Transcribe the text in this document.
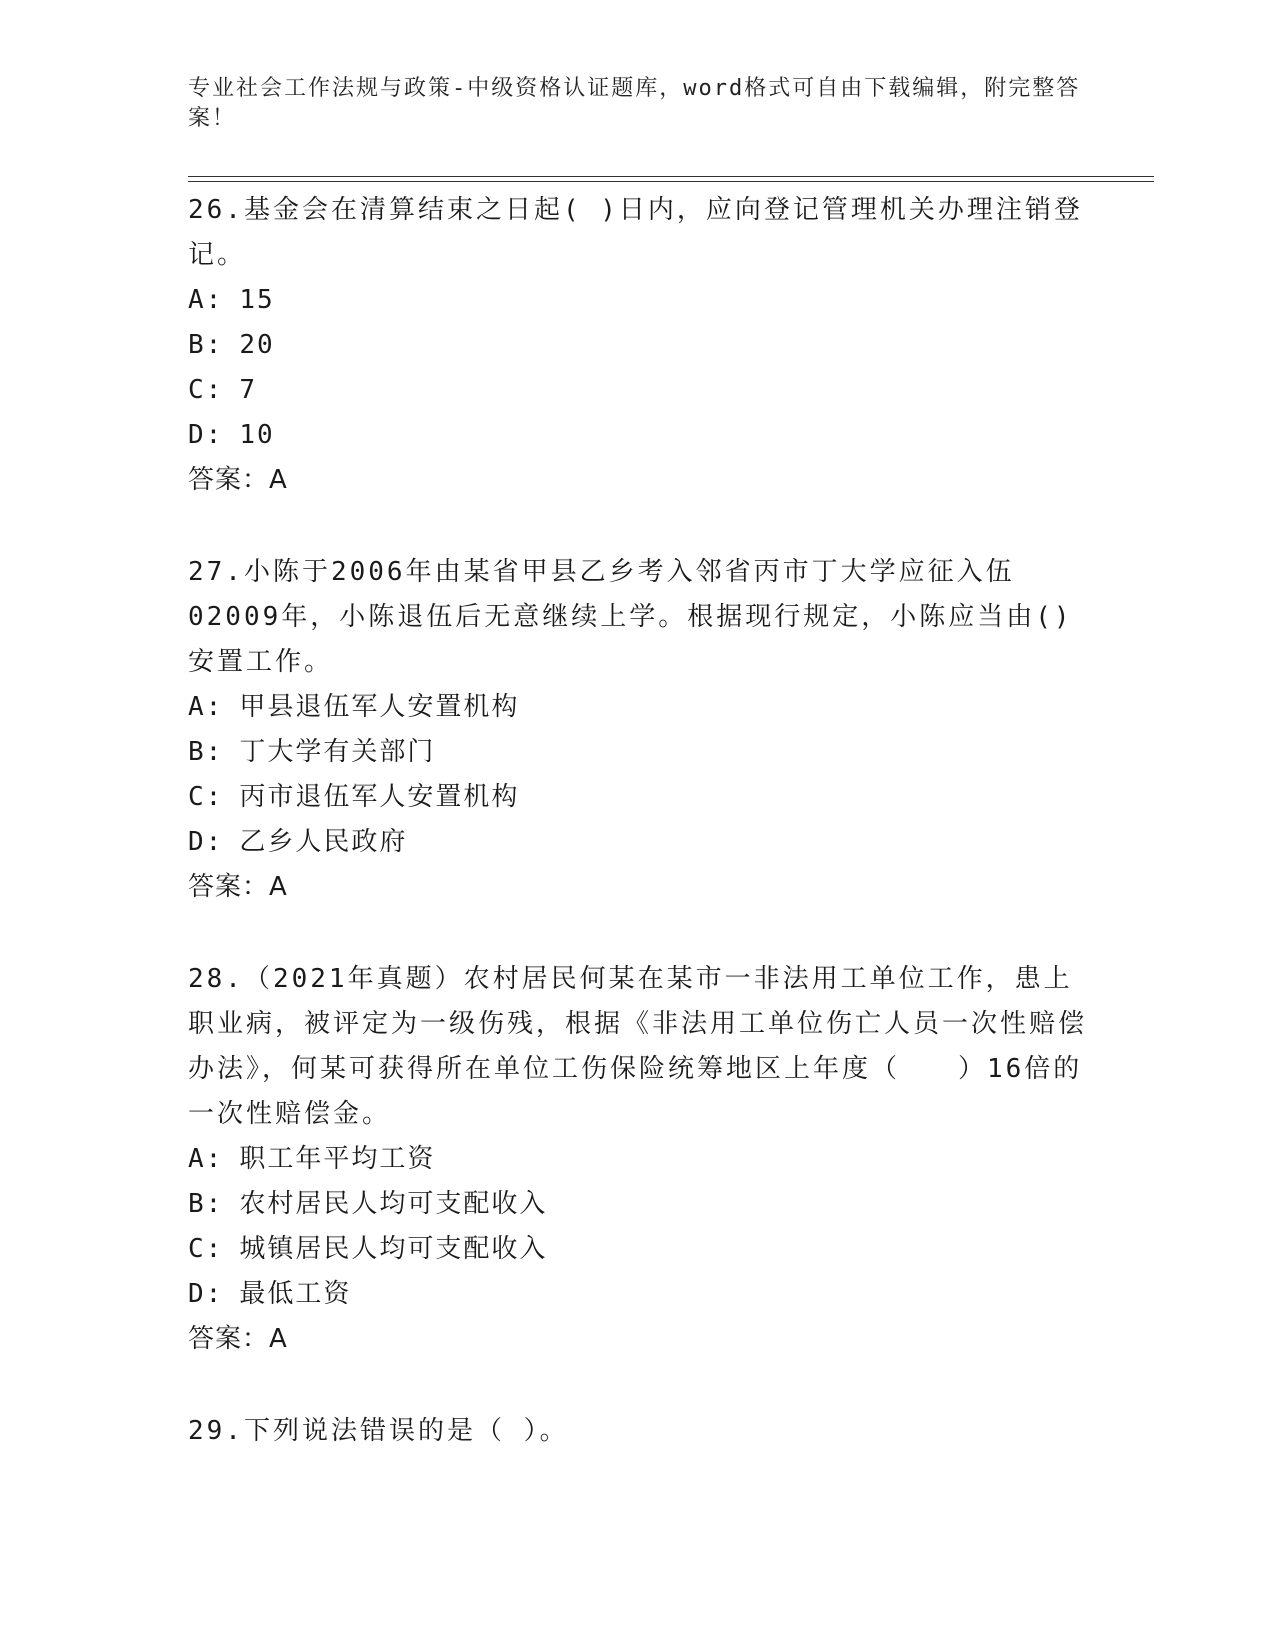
专业社会工作法规与政策-中级资格认证题库，word格式可自由下载编辑，附完整答案！

26.基金会在清算结束之日起( )日内，应向登记管理机关办理注销登记。

A: 15

B: 20

C: 7

D: 10

答案：A

27.小陈于2006年由某省甲县乙乡考入邻省丙市丁大学应征入伍02009年，小陈退伍后无意继续上学。根据现行规定，小陈应当由()安置工作。

A: 甲县退伍军人安置机构

B: 丁大学有关部门

C: 丙市退伍军人安置机构

D: 乙乡人民政府

答案：A

28.（2021年真题）农村居民何某在某市一非法用工单位工作，患上职业病，被评定为一级伤残，根据《非法用工单位伤亡人员一次性赔偿办法》，何某可获得所在单位工伤保险统筹地区上年度（　　）16倍的一次性赔偿金。

A: 职工年平均工资

B: 农村居民人均可支配收入

C: 城镇居民人均可支配收入

D: 最低工资

答案：A

29.下列说法错误的是（ ）。
